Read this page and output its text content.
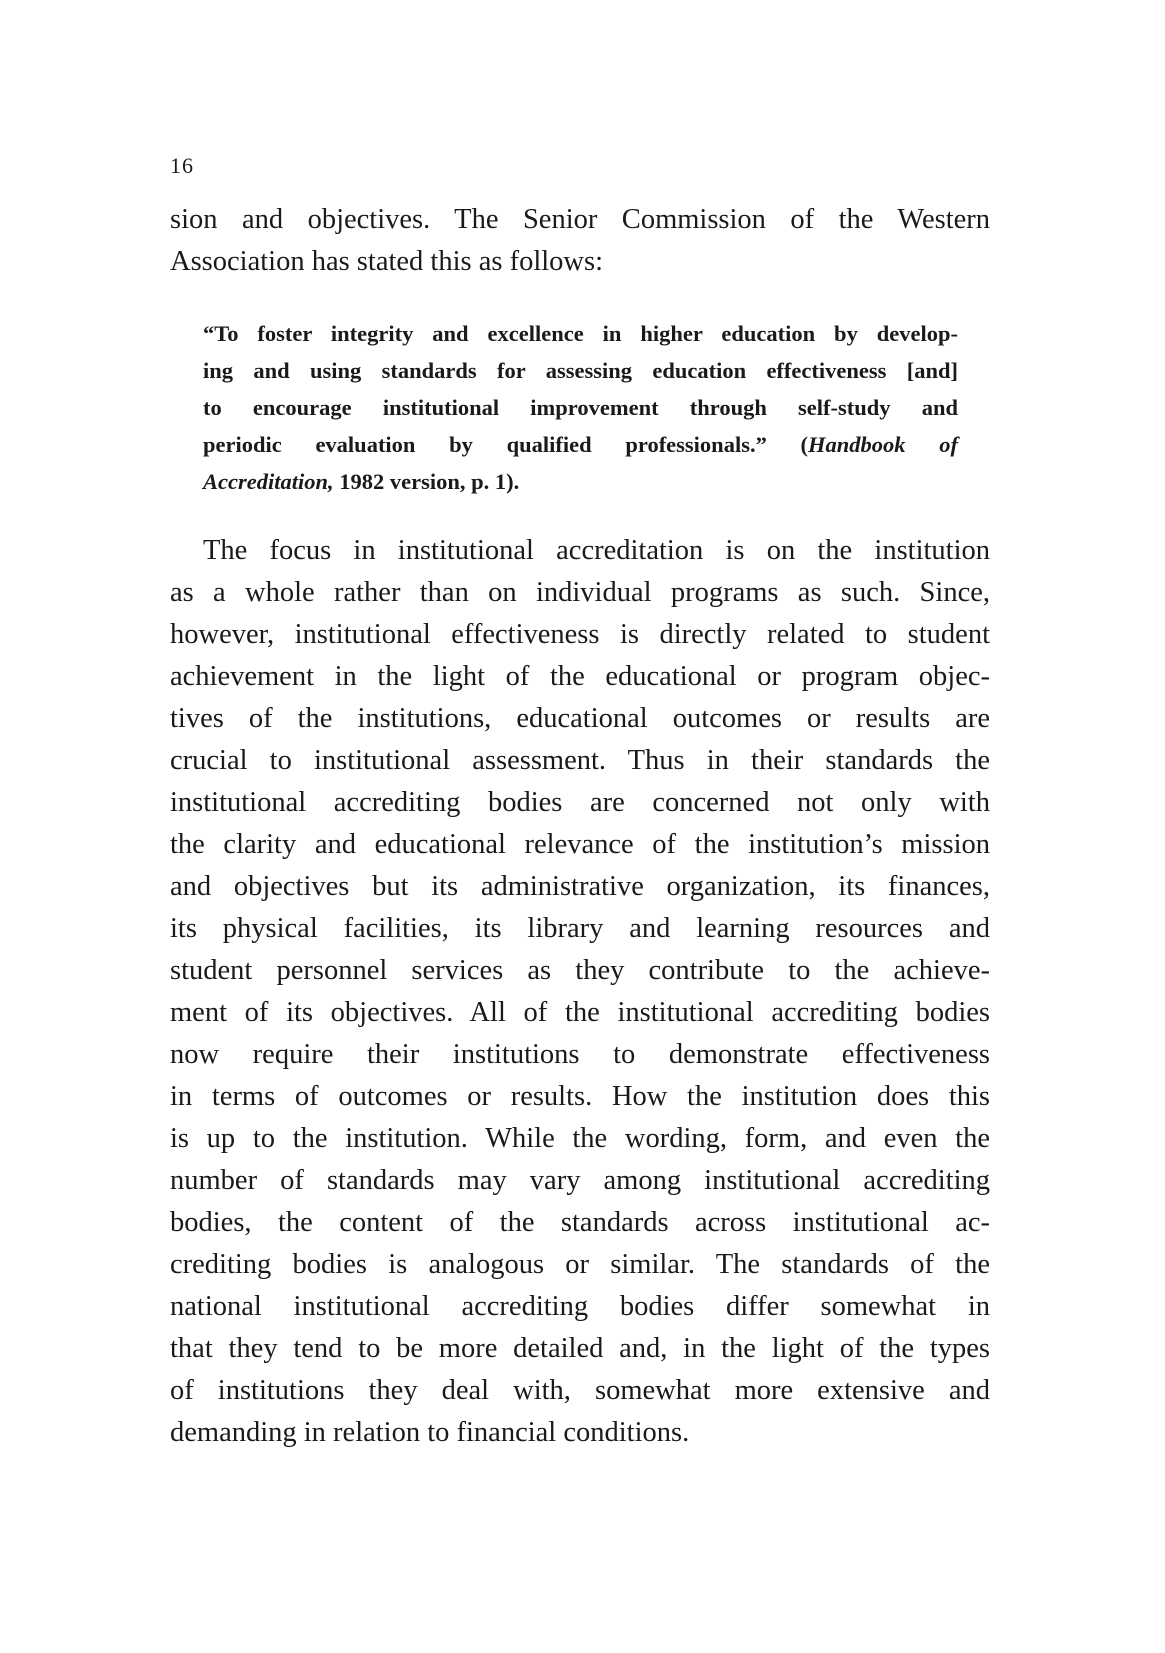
16

sion and objectives. The Senior Commission of the Western

Association has stated this as follows:

“To foster integrity and excellence in higher education by develop-

ing and using standards for assessing education effectiveness [and]

to encourage institutional improvement through self-study and

periodic evaluation by qualified professionals.” (Handbook of

Accreditation, 1982 version, p. 1).

The focus in institutional accreditation is on the institution

as a whole rather than on individual programs as such. Since,

however, institutional effectiveness is directly related to student

achievement in the light of the educational or program objec-

tives of the institutions, educational outcomes or results are

crucial to institutional assessment. Thus in their standards the

institutional accrediting bodies are concerned not only with

the clarity and educational relevance of the institution’s mission

and objectives but its administrative organization, its finances,

its physical facilities, its library and learning resources and

student personnel services as they contribute to the achieve-

ment of its objectives. All of the institutional accrediting bodies

now require their institutions to demonstrate effectiveness

in terms of outcomes or results. How the institution does this

is up to the institution. While the wording, form, and even the

number of standards may vary among institutional accrediting

bodies, the content of the standards across institutional ac-

crediting bodies is analogous or similar. The standards of the

national institutional accrediting bodies differ somewhat in

that they tend to be more detailed and, in the light of the types

of institutions they deal with, somewhat more extensive and

demanding in relation to financial conditions.
